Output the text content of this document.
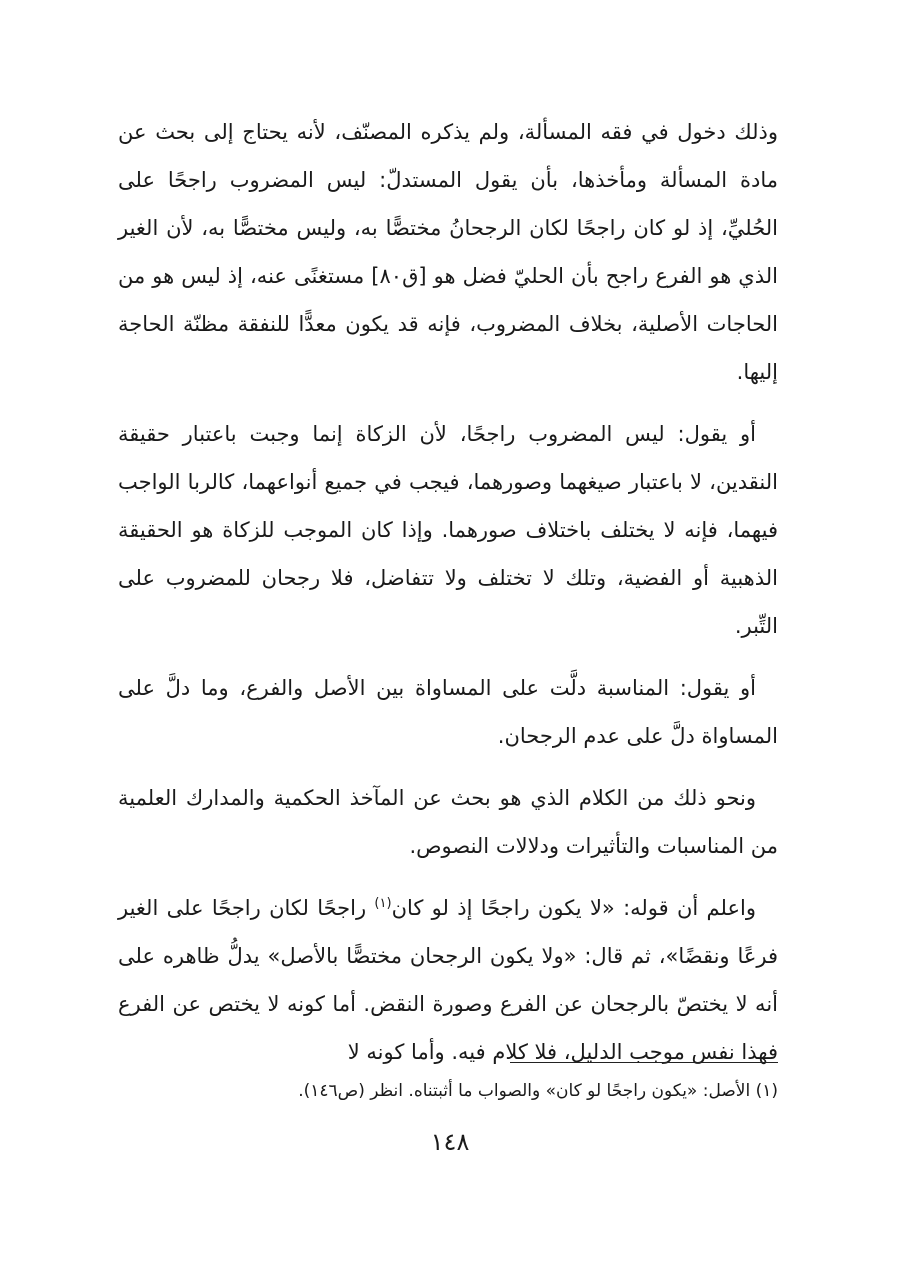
وذلك دخول في فقه المسألة، ولم يذكره المصنّف، لأنه يحتاج إلى بحث عن مادة المسألة ومأخذها، بأن يقول المستدلّ: ليس المضروب راجحًا على الحُليِّ، إذ لو كان راجحًا لكان الرجحانُ مختصًّا به، وليس مختصًّا به، لأن الغير الذي هو الفرع راجح بأن الحليّ فضل هو [ق٨٠] مستغنًى عنه، إذ ليس هو من الحاجات الأصلية، بخلاف المضروب، فإنه قد يكون معدًّا للنفقة مظنّة الحاجة إليها.

أو يقول: ليس المضروب راجحًا، لأن الزكاة إنما وجبت باعتبار حقيقة النقدين، لا باعتبار صيغهما وصورهما، فيجب في جميع أنواعهما، كالربا الواجب فيهما، فإنه لا يختلف باختلاف صورهما. وإذا كان الموجب للزكاة هو الحقيقة الذهبية أو الفضية، وتلك لا تختلف ولا تتفاضل، فلا رجحان للمضروب على التِّبر.

أو يقول: المناسبة دلَّت على المساواة بين الأصل والفرع، وما دلَّ على المساواة دلَّ على عدم الرجحان.

ونحو ذلك من الكلام الذي هو بحث عن المآخذ الحكمية والمدارك العلمية من المناسبات والتأثيرات ودلالات النصوص.

واعلم أن قوله: «لا يكون راجحًا إذ لو كان$^{(١)}$ راجحًا لكان راجحًا على الغير فرعًا ونقضًا»، ثم قال: «ولا يكون الرجحان مختصًّا بالأصل» يدلُّ ظاهره على أنه لا يختصّ بالرجحان عن الفرع وصورة النقض. أما كونه لا يختص عن الفرع فهذا نفس موجب الدليل، فلا كلام فيه. وأما كونه لا

(١) الأصل: «يكون راجحًا لو كان» والصواب ما أثبتناه. انظر (ص١٤٦).
١٤٨
